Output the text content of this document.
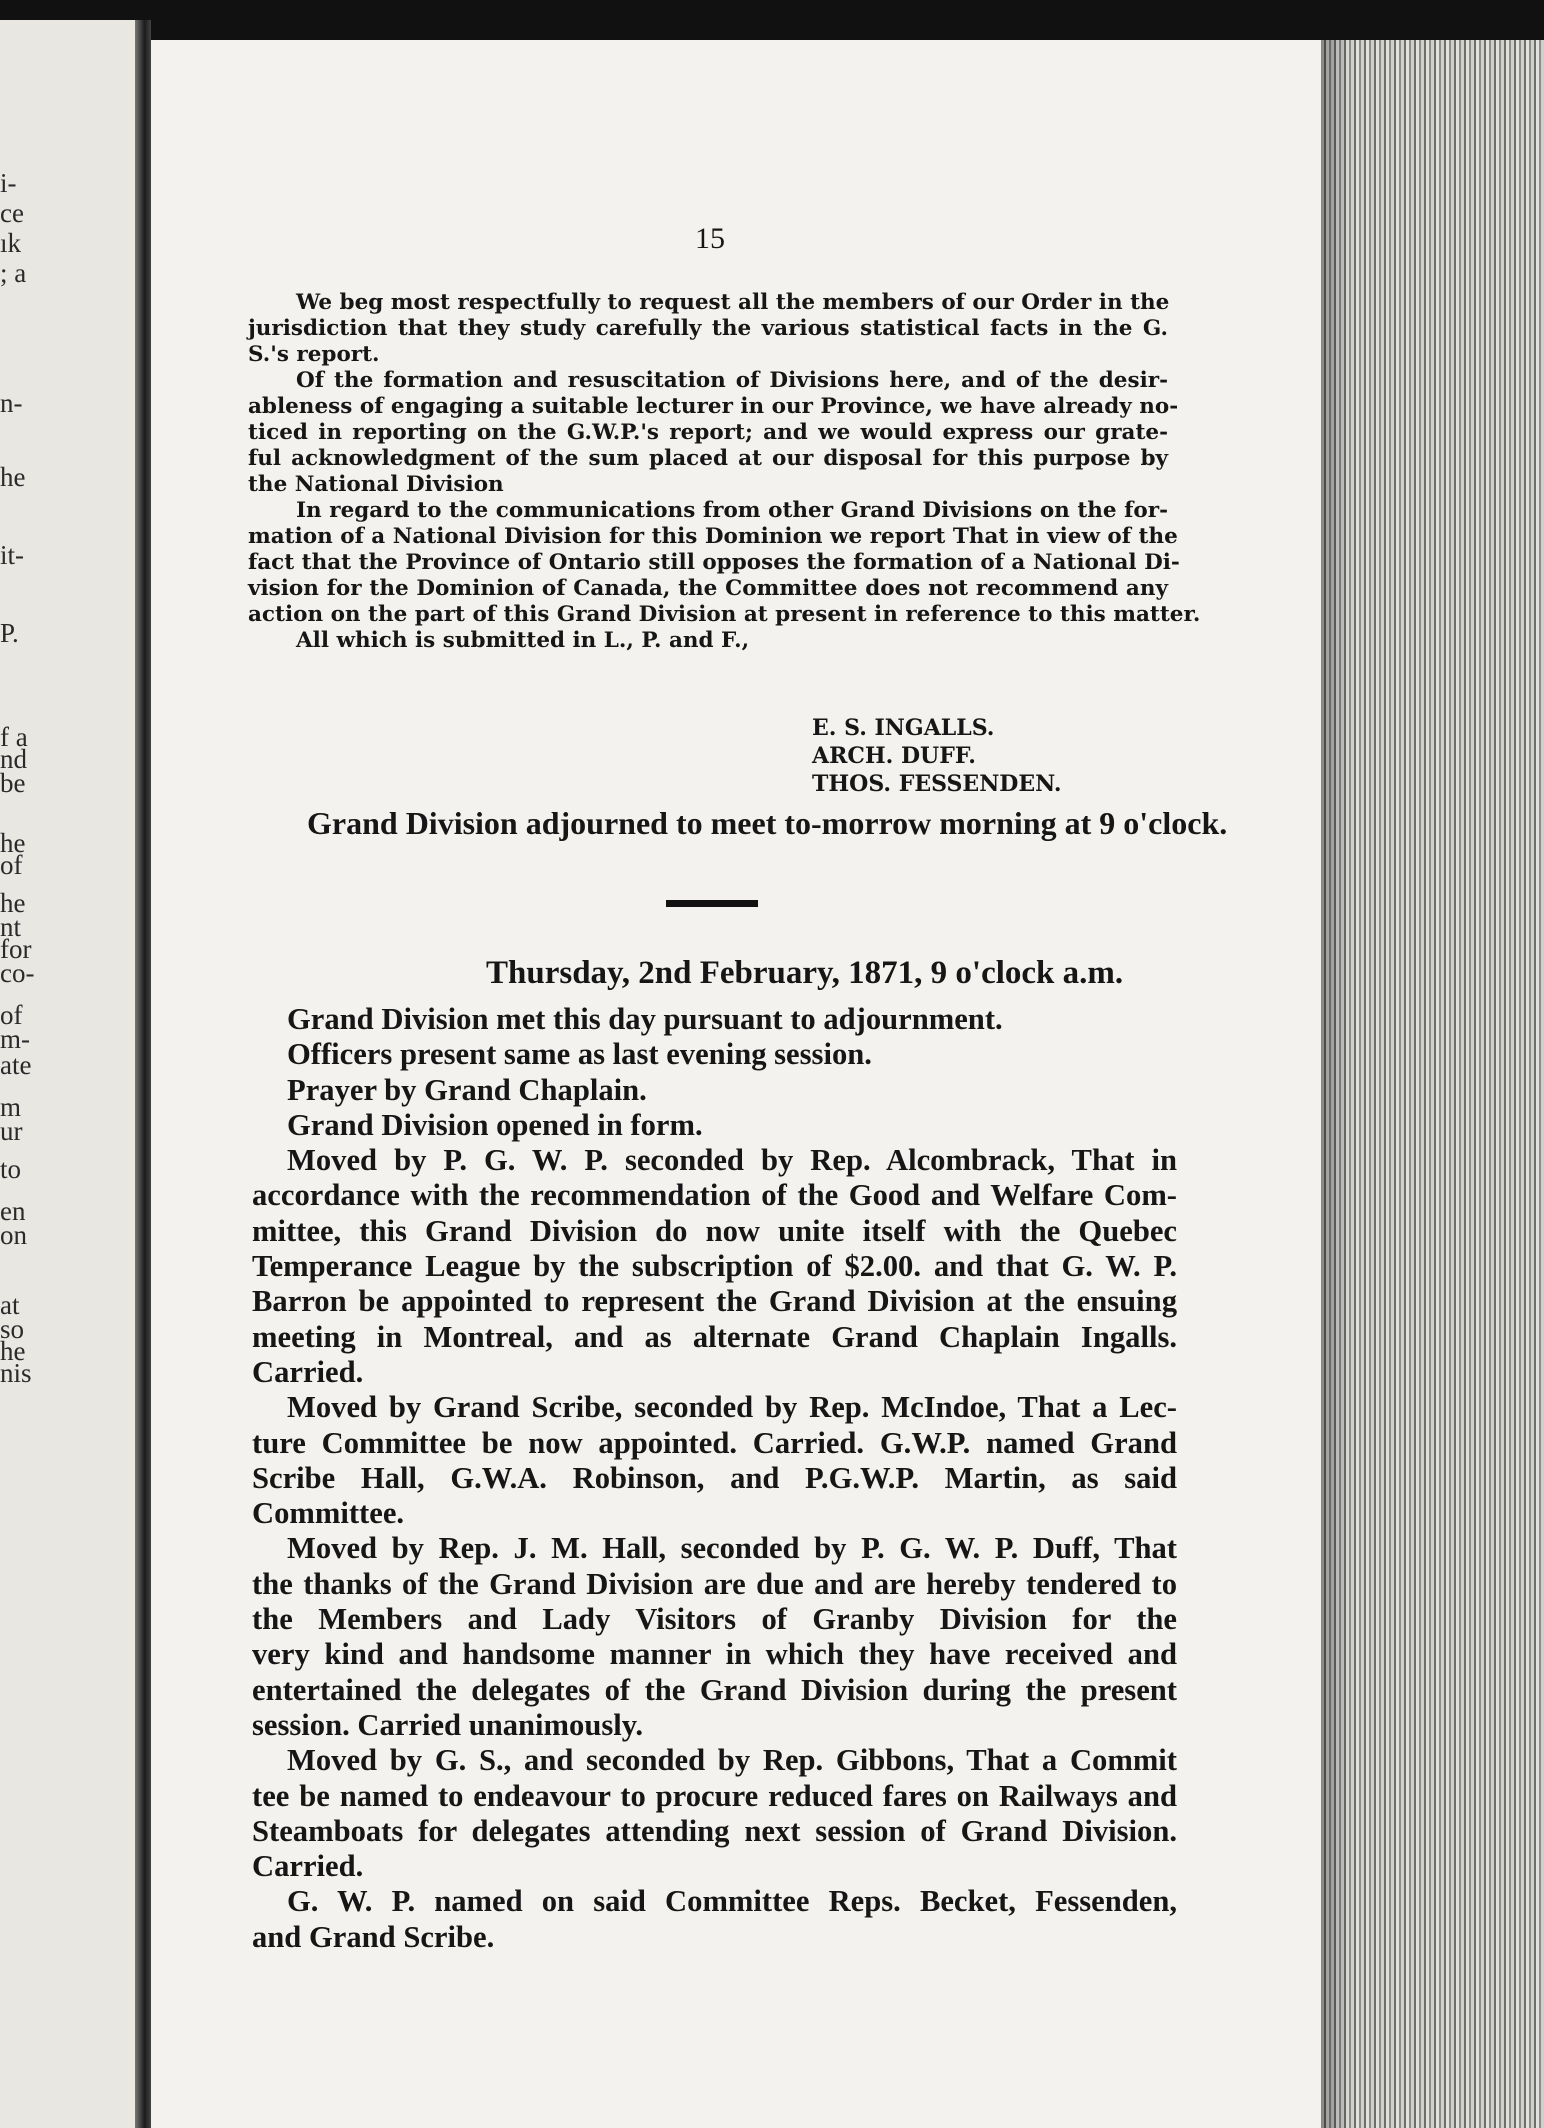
i-
ce
ık
; a
n-
he
it-
P.
f a
nd
be
he
of
he
nt
for
co-
of
m-
ate
m
ur
to
en
on
at
so
he
nis
15
We beg most respectfully to request all the members of our Order in the
jurisdiction that they study carefully the various statistical facts in the G.
S.'s report.
Of the formation and resuscitation of Divisions here, and of the desir-
ableness of engaging a suitable lecturer in our Province, we have already no-
ticed in reporting on the G.W.P.'s report; and we would express our grate-
ful acknowledgment of the sum placed at our disposal for this purpose by
the National Division
In regard to the communications from other Grand Divisions on the for-
mation of a National Division for this Dominion we report That in view of the
fact that the Province of Ontario still opposes the formation of a National Di-
vision for the Dominion of Canada, the Committee does not recommend any
action on the part of this Grand Division at present in reference to this matter.
All which is submitted in L., P. and F.,
E. S. INGALLS.
ARCH. DUFF.
THOS. FESSENDEN.
Grand Division adjourned to meet to-morrow morning at 9 o'clock.
Thursday, 2nd February, 1871, 9 o'clock a.m.
Grand Division met this day pursuant to adjournment.
Officers present same as last evening session.
Prayer by Grand Chaplain.
Grand Division opened in form.
Moved by P. G. W. P. seconded by Rep. Alcombrack, That in
accordance with the recommendation of the Good and Welfare Com-
mittee, this Grand Division do now unite itself with the Quebec
Temperance League by the subscription of $2.00. and that G. W. P.
Barron be appointed to represent the Grand Division at the ensuing
meeting in Montreal, and as alternate Grand Chaplain Ingalls.
Carried.
Moved by Grand Scribe, seconded by Rep. McIndoe, That a Lec-
ture Committee be now appointed. Carried. G.W.P. named Grand
Scribe Hall, G.W.A. Robinson, and P.G.W.P. Martin, as said
Committee.
Moved by Rep. J. M. Hall, seconded by P. G. W. P. Duff, That
the thanks of the Grand Division are due and are hereby tendered to
the Members and Lady Visitors of Granby Division for the
very kind and handsome manner in which they have received and
entertained the delegates of the Grand Division during the present
session. Carried unanimously.
Moved by G. S., and seconded by Rep. Gibbons, That a Commit
tee be named to endeavour to procure reduced fares on Railways and
Steamboats for delegates attending next session of Grand Division.
Carried.
G. W. P. named on said Committee Reps. Becket, Fessenden,
and Grand Scribe.
